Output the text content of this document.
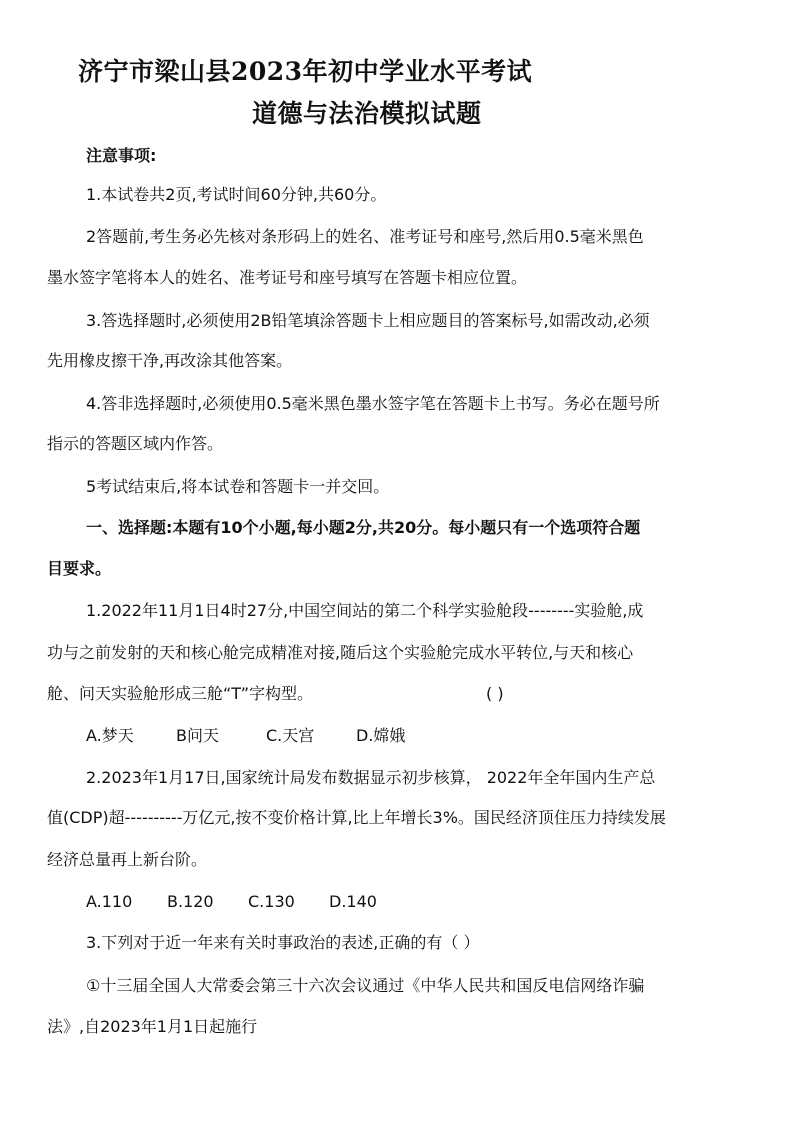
济宁市梁山县2023年初中学业水平考试
道德与法治模拟试题
注意事项:
1.本试卷共2页,考试时间60分钟,共60分。
2答题前,考生务必先核对条形码上的姓名、准考证号和座号,然后用0.5毫米黑色
墨水签字笔将本人的姓名、准考证号和座号填写在答题卡相应位置。
3.答选择题时,必须使用2B铅笔填涂答题卡上相应题目的答案标号,如需改动,必须
先用橡皮擦干净,再改涂其他答案。
4.答非选择题时,必须使用0.5毫米黑色墨水签字笔在答题卡上书写。务必在题号所
指示的答题区域内作答。
5考试结束后,将本试卷和答题卡一并交回。
一、选择题:本题有10个小题,每小题2分,共20分。每小题只有一个选项符合题
目要求。
1.2022年11月1日4时27分,中国空间站的第二个科学实验舱段--------实验舱,成
功与之前发射的天和核心舱完成精准对接,随后这个实验舱完成水平转位,与天和核心
舱、问天实验舱形成三舱“T”字构型。	( )
A.梦天	B问天	C.天宫	D.嫦娥
2.2023年1月17日,国家统计局发布数据显示初步核算， 2022年全年国内生产总
值(CDP)超----------万亿元,按不变价格计算,比上年增长3%。国民经济顶住压力持续发展
经济总量再上新台阶。
A.110 B.120 C.130 D.140
3.下列对于近一年来有关时事政治的表述,正确的有（ ）
①十三届全国人大常委会第三十六次会议通过《中华人民共和国反电信网络诈骗
法》,自2023年1月1日起施行
